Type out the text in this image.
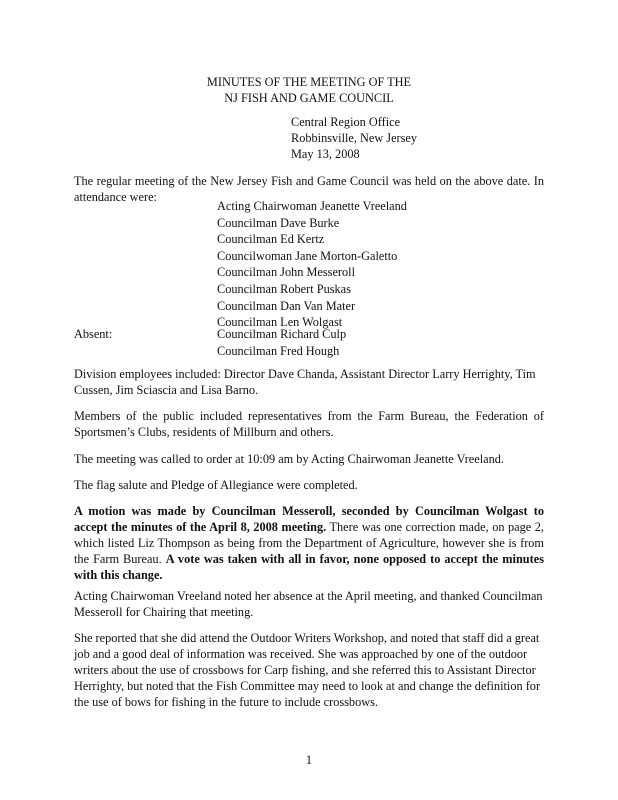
MINUTES OF THE MEETING OF THE
NJ FISH AND GAME COUNCIL
Central Region Office
Robbinsville, New Jersey
May 13, 2008

The regular meeting of the New Jersey Fish and Game Council was held on the above date. In attendance were:

Acting Chairwoman Jeanette Vreeland
Councilman Dave Burke
Councilman Ed Kertz
Councilwoman Jane Morton-Galetto
Councilman John Messeroll
Councilman Robert Puskas
Councilman Dan Van Mater
Councilman Len Wolgast
Absent:	Councilman Richard Culp
Councilman Fred Hough

Division employees included: Director Dave Chanda, Assistant Director Larry Herrighty, Tim Cussen, Jim Sciascia and Lisa Barno.

Members of the public included representatives from the Farm Bureau, the Federation of Sportsmen’s Clubs, residents of Millburn and others.

The meeting was called to order at 10:09 am by Acting Chairwoman Jeanette Vreeland.

The flag salute and Pledge of Allegiance were completed.

A motion was made by Councilman Messeroll, seconded by Councilman Wolgast to accept the minutes of the April 8, 2008 meeting. There was one correction made, on page 2, which listed Liz Thompson as being from the Department of Agriculture, however she is from the Farm Bureau. A vote was taken with all in favor, none opposed to accept the minutes with this change.

Acting Chairwoman Vreeland noted her absence at the April meeting, and thanked Councilman Messeroll for Chairing that meeting.

She reported that she did attend the Outdoor Writers Workshop, and noted that staff did a great job and a good deal of information was received. She was approached by one of the outdoor writers about the use of crossbows for Carp fishing, and she referred this to Assistant Director Herrighty, but noted that the Fish Committee may need to look at and change the definition for the use of bows for fishing in the future to include crossbows.

1
